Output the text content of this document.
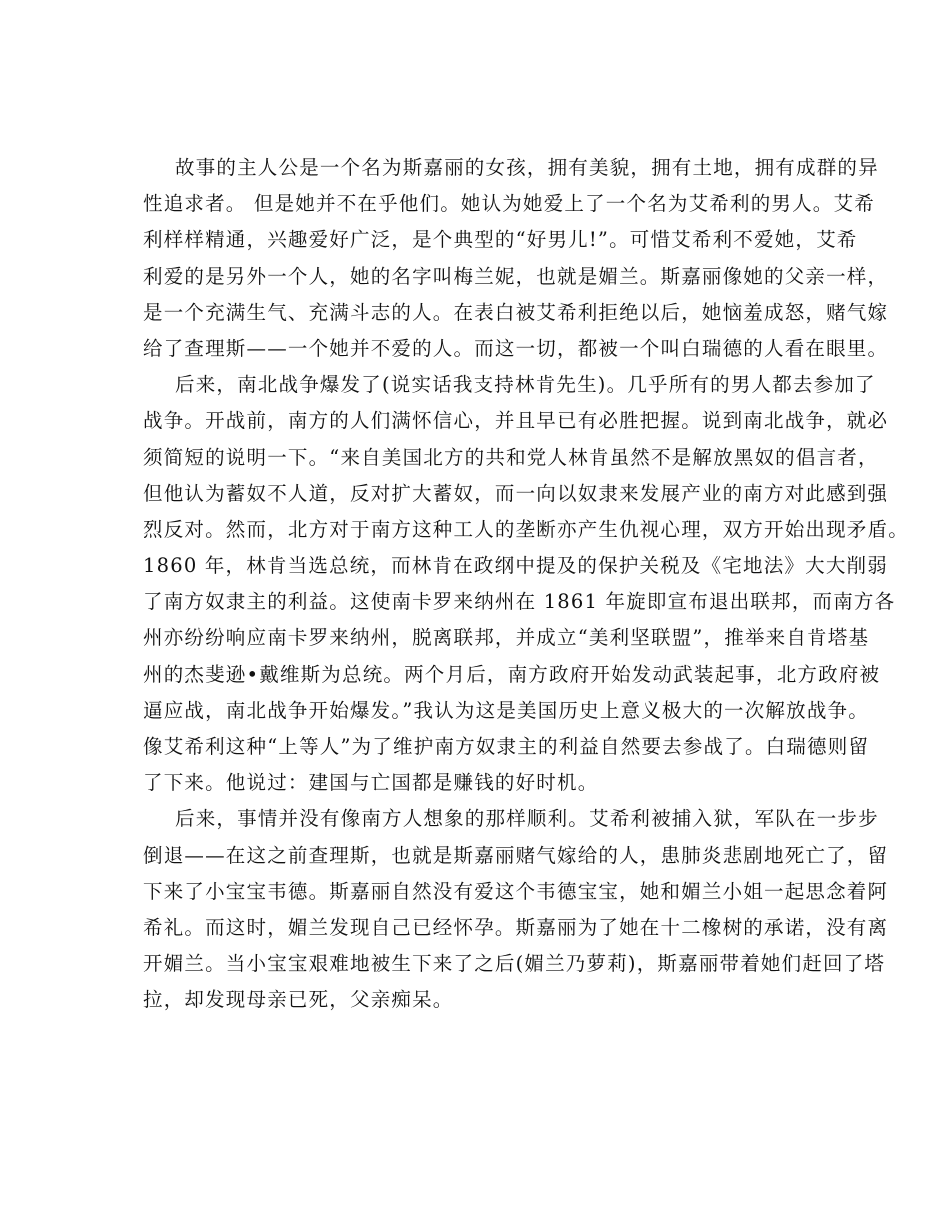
故事的主人公是一个名为斯嘉丽的女孩，拥有美貌，拥有土地，拥有成群的异
性追求者。 但是她并不在乎他们。她认为她爱上了一个名为艾希利的男人。艾希
利样样精通，兴趣爱好广泛，是个典型的“好男儿!”。可惜艾希利不爱她，艾希
利爱的是另外一个人，她的名字叫梅兰妮，也就是媚兰。斯嘉丽像她的父亲一样，
是一个充满生气、充满斗志的人。在表白被艾希利拒绝以后，她恼羞成怒，赌气嫁
给了查理斯——一个她并不爱的人。而这一切，都被一个叫白瑞德的人看在眼里。
后来，南北战争爆发了(说实话我支持林肯先生)。几乎所有的男人都去参加了
战争。开战前，南方的人们满怀信心，并且早已有必胜把握。说到南北战争，就必
须简短的说明一下。“来自美国北方的共和党人林肯虽然不是解放黑奴的倡言者，
但他认为蓄奴不人道，反对扩大蓄奴，而一向以奴隶来发展产业的南方对此感到强
烈反对。然而，北方对于南方这种工人的垄断亦产生仇视心理，双方开始出现矛盾。
1860 年，林肯当选总统，而林肯在政纲中提及的保护关税及《宅地法》大大削弱
了南方奴隶主的利益。这使南卡罗来纳州在 1861 年旋即宣布退出联邦，而南方各
州亦纷纷响应南卡罗来纳州，脱离联邦，并成立“美利坚联盟”，推举来自肯塔基
州的杰斐逊•戴维斯为总统。两个月后，南方政府开始发动武装起事，北方政府被
逼应战，南北战争开始爆发。”我认为这是美国历史上意义极大的一次解放战争。
像艾希利这种“上等人”为了维护南方奴隶主的利益自然要去参战了。白瑞德则留
了下来。他说过：建国与亡国都是赚钱的好时机。
后来，事情并没有像南方人想象的那样顺利。艾希利被捕入狱，军队在一步步
倒退——在这之前查理斯，也就是斯嘉丽赌气嫁给的人，患肺炎悲剧地死亡了，留
下来了小宝宝韦德。斯嘉丽自然没有爱这个韦德宝宝，她和媚兰小姐一起思念着阿
希礼。而这时，媚兰发现自己已经怀孕。斯嘉丽为了她在十二橡树的承诺，没有离
开媚兰。当小宝宝艰难地被生下来了之后(媚兰乃萝莉)，斯嘉丽带着她们赶回了塔
拉，却发现母亲已死，父亲痴呆。
